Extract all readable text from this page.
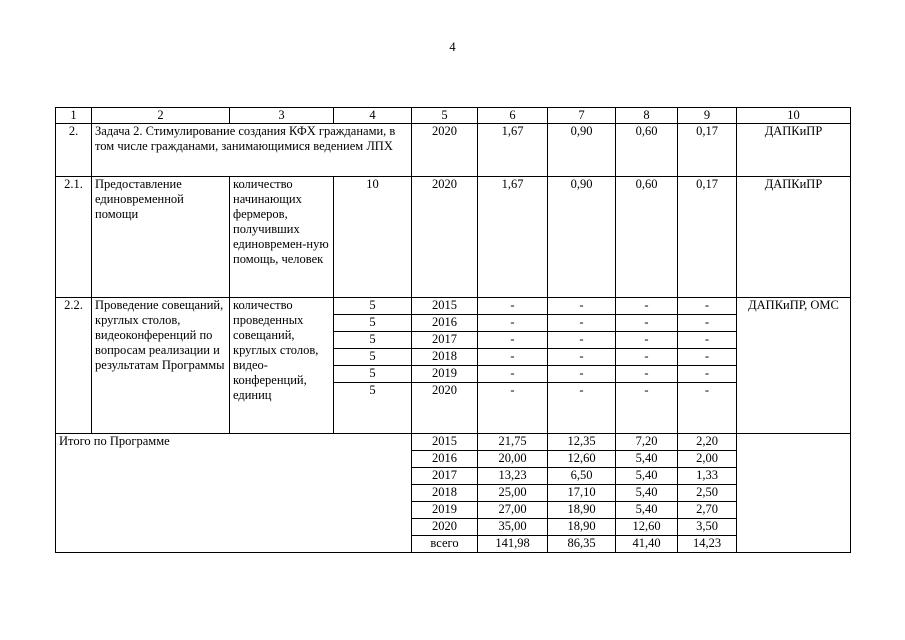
4
1	2	3	4	5	6	7	8	9	10
2.	Задача 2. Стимулирование создания КФХ гражданами, в том числе гражданами, занимающимися ведением ЛПХ			2020	1,67	0,90	0,60	0,17	ДАПКиПР
2.1.	Предоставление единовременной помощи	количество начинающих фермеров, получивших единовремен-ную помощь, человек	10	2020	1,67	0,90	0,60	0,17	ДАПКиПР
2.2.	Проведение совещаний, круглых столов, видеоконференций по вопросам реализации и результатам Программы	количество проведенных совещаний, круглых столов, видео-конференций, единиц	5	2015	-	-	-	-	ДАПКиПР, ОМС
			5	2016	-	-	-	-	
			5	2017	-	-	-	-	
			5	2018	-	-	-	-	
			5	2019	-	-	-	-	
			5	2020	-	-	-	-	
Итого по Программе				2015	21,75	12,35	7,20	2,20	
				2016	20,00	12,60	5,40	2,00	
				2017	13,23	6,50	5,40	1,33	
				2018	25,00	17,10	5,40	2,50	
				2019	27,00	18,90	5,40	2,70	
				2020	35,00	18,90	12,60	3,50	
				всего	141,98	86,35	41,40	14,23	
